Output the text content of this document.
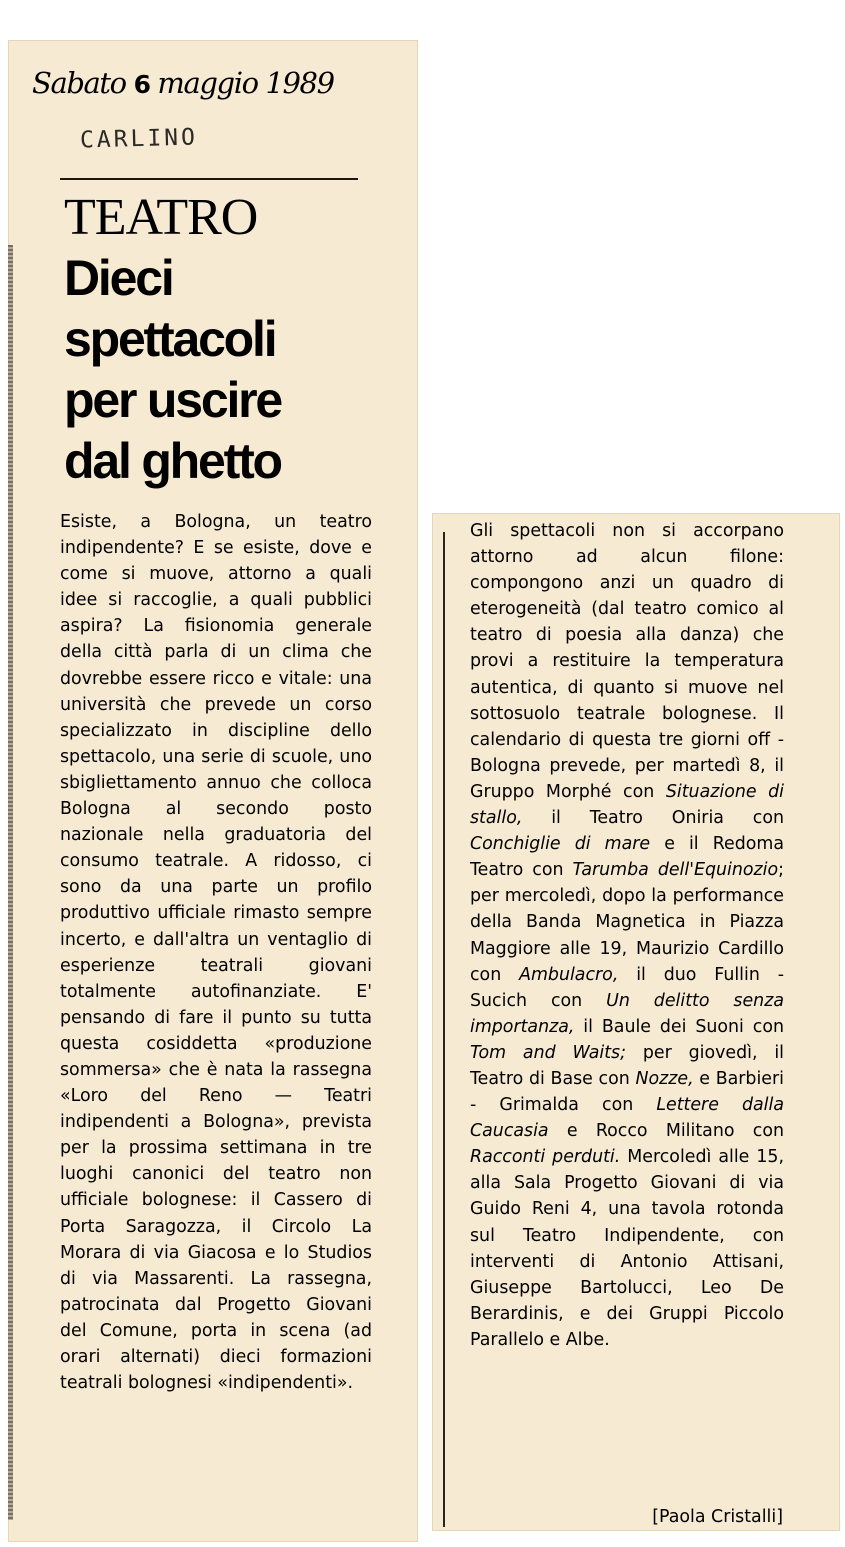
Sabato 6 maggio 1989

CARLINO

TEATRO
Dieci
spettacoli
per uscire
dal ghetto

Esiste, a Bologna, un teatro indipendente? E se esiste, dove e come si muove, attorno a quali idee si raccoglie, a quali pubblici aspira? La fisionomia generale della città parla di un clima che dovrebbe essere ricco e vitale: una università che prevede un corso specializzato in discipline dello spettacolo, una serie di scuole, uno sbigliettamento annuo che colloca Bologna al secondo posto nazionale nella graduatoria del consumo teatrale. A ridosso, ci sono da una parte un profilo produttivo ufficiale rimasto sempre incerto, e dall'altra un ventaglio di esperienze teatrali giovani totalmente autofinanziate. E' pensando di fare il punto su tutta questa cosiddetta «produzione sommersa» che è nata la rassegna «Loro del Reno — Teatri indipendenti a Bologna», prevista per la prossima settimana in tre luoghi canonici del teatro non ufficiale bolognese: il Cassero di Porta Saragozza, il Circolo La Morara di via Giacosa e lo Studios di via Massarenti. La rassegna, patrocinata dal Progetto Giovani del Comune, porta in scena (ad orari alternati) dieci formazioni teatrali bolognesi «indipendenti».

Gli spettacoli non si accorpano attorno ad alcun filone: compongono anzi un quadro di eterogeneità (dal teatro comico al teatro di poesia alla danza) che provi a restituire la temperatura autentica, di quanto si muove nel sottosuolo teatrale bolognese. Il calendario di questa tre giorni off - Bologna prevede, per martedì 8, il Gruppo Morphé con Situazione di stallo, il Teatro Oniria con Conchiglie di mare e il Redoma Teatro con Tarumba dell'Equinozio; per mercoledì, dopo la performance della Banda Magnetica in Piazza Maggiore alle 19, Maurizio Cardillo con Ambulacro, il duo Fullin - Sucich con Un delitto senza importanza, il Baule dei Suoni con Tom and Waits; per giovedì, il Teatro di Base con Nozze, e Barbieri - Grimalda con Lettere dalla Caucasia e Rocco Militano con Racconti perduti. Mercoledì alle 15, alla Sala Progetto Giovani di via Guido Reni 4, una tavola rotonda sul Teatro Indipendente, con interventi di Antonio Attisani, Giuseppe Bartolucci, Leo De Berardinis, e dei Gruppi Piccolo Parallelo e Albe.

[Paola Cristalli]
